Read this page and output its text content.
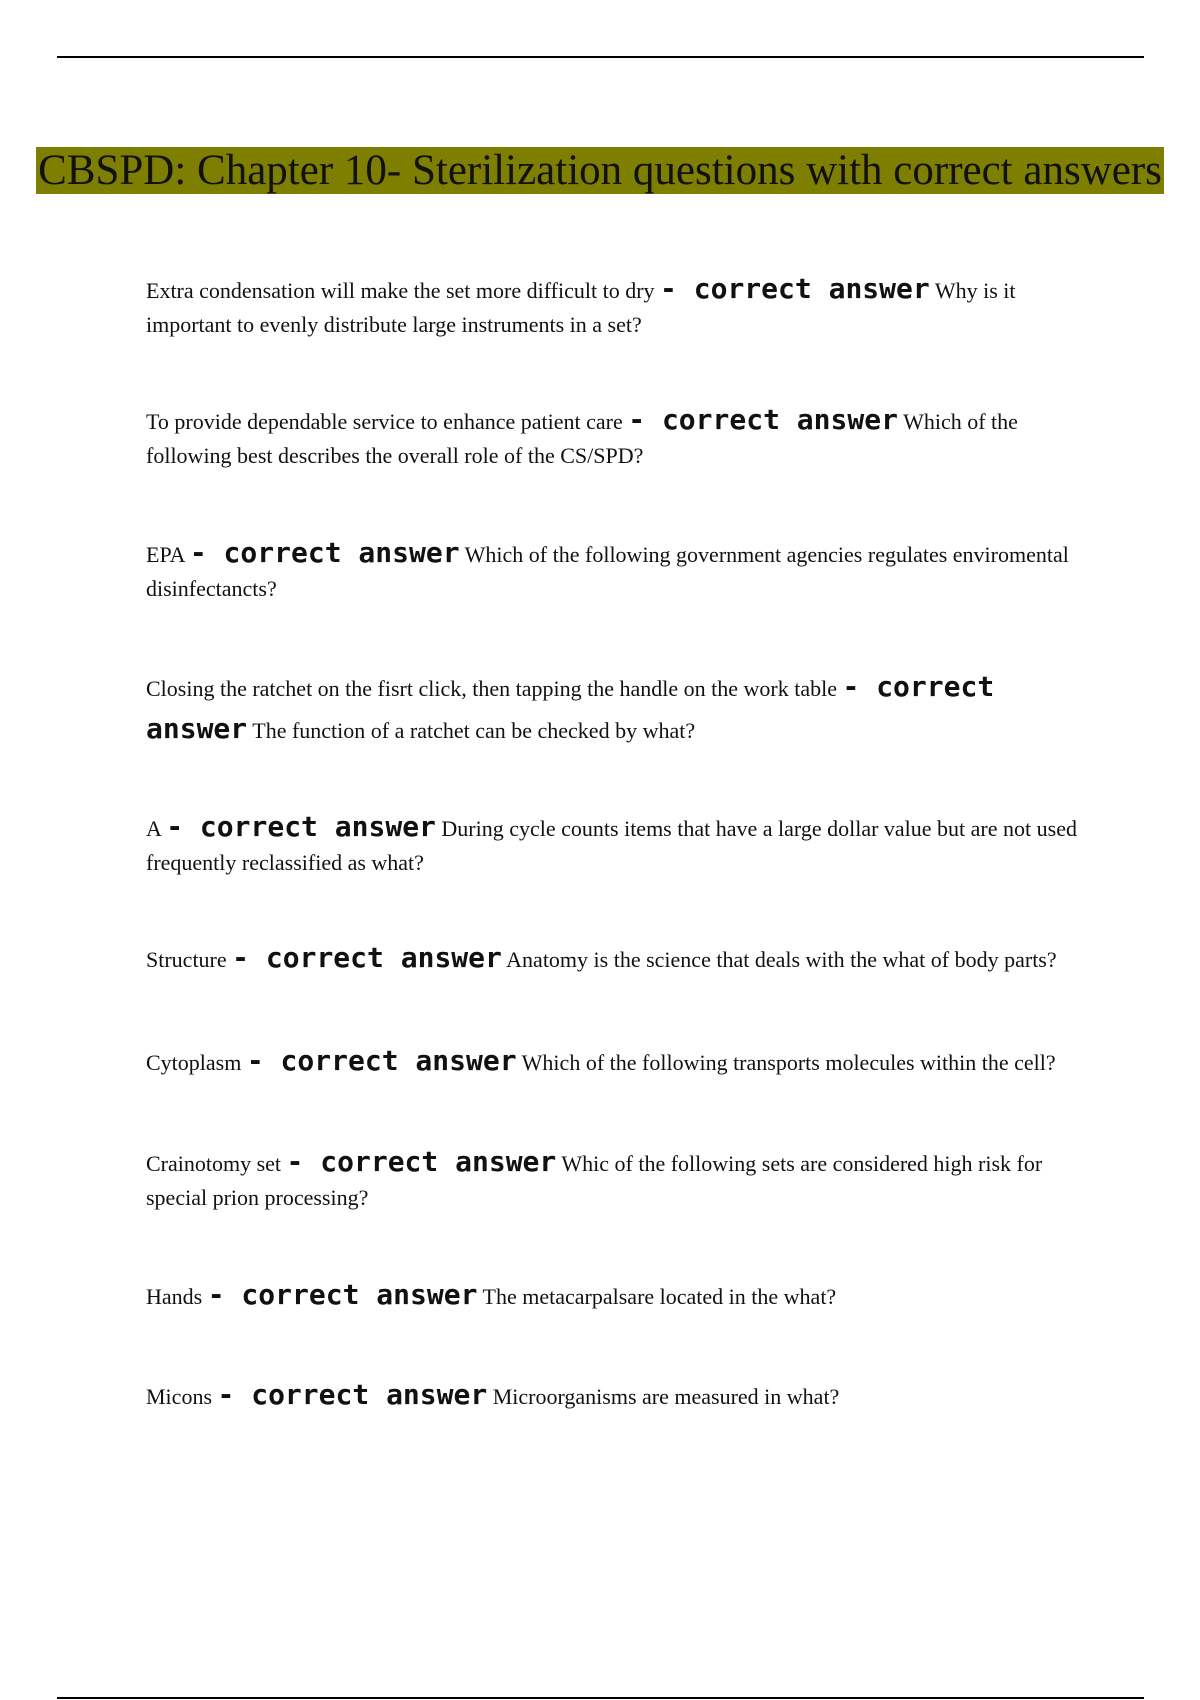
CBSPD: Chapter 10- Sterilization questions with correct answers
Extra condensation will make the set more difficult to dry - correct answer Why is it important to evenly distribute large instruments in a set?
To provide dependable service to enhance patient care - correct answer Which of the following best describes the overall role of the CS/SPD?
EPA - correct answer Which of the following government agencies regulates enviromental disinfectancts?
Closing the ratchet on the fisrt click, then tapping the handle on the work table - correct answer The function of a ratchet can be checked by what?
A - correct answer During cycle counts items that have a large dollar value but are not used frequently reclassified as what?
Structure - correct answer Anatomy is the science that deals with the what of body parts?
Cytoplasm - correct answer Which of the following transports molecules within the cell?
Crainotomy set - correct answer Whic of the following sets are considered high risk for special prion processing?
Hands - correct answer The metacarpalsare located in the what?
Micons - correct answer Microorganisms are measured in what?
